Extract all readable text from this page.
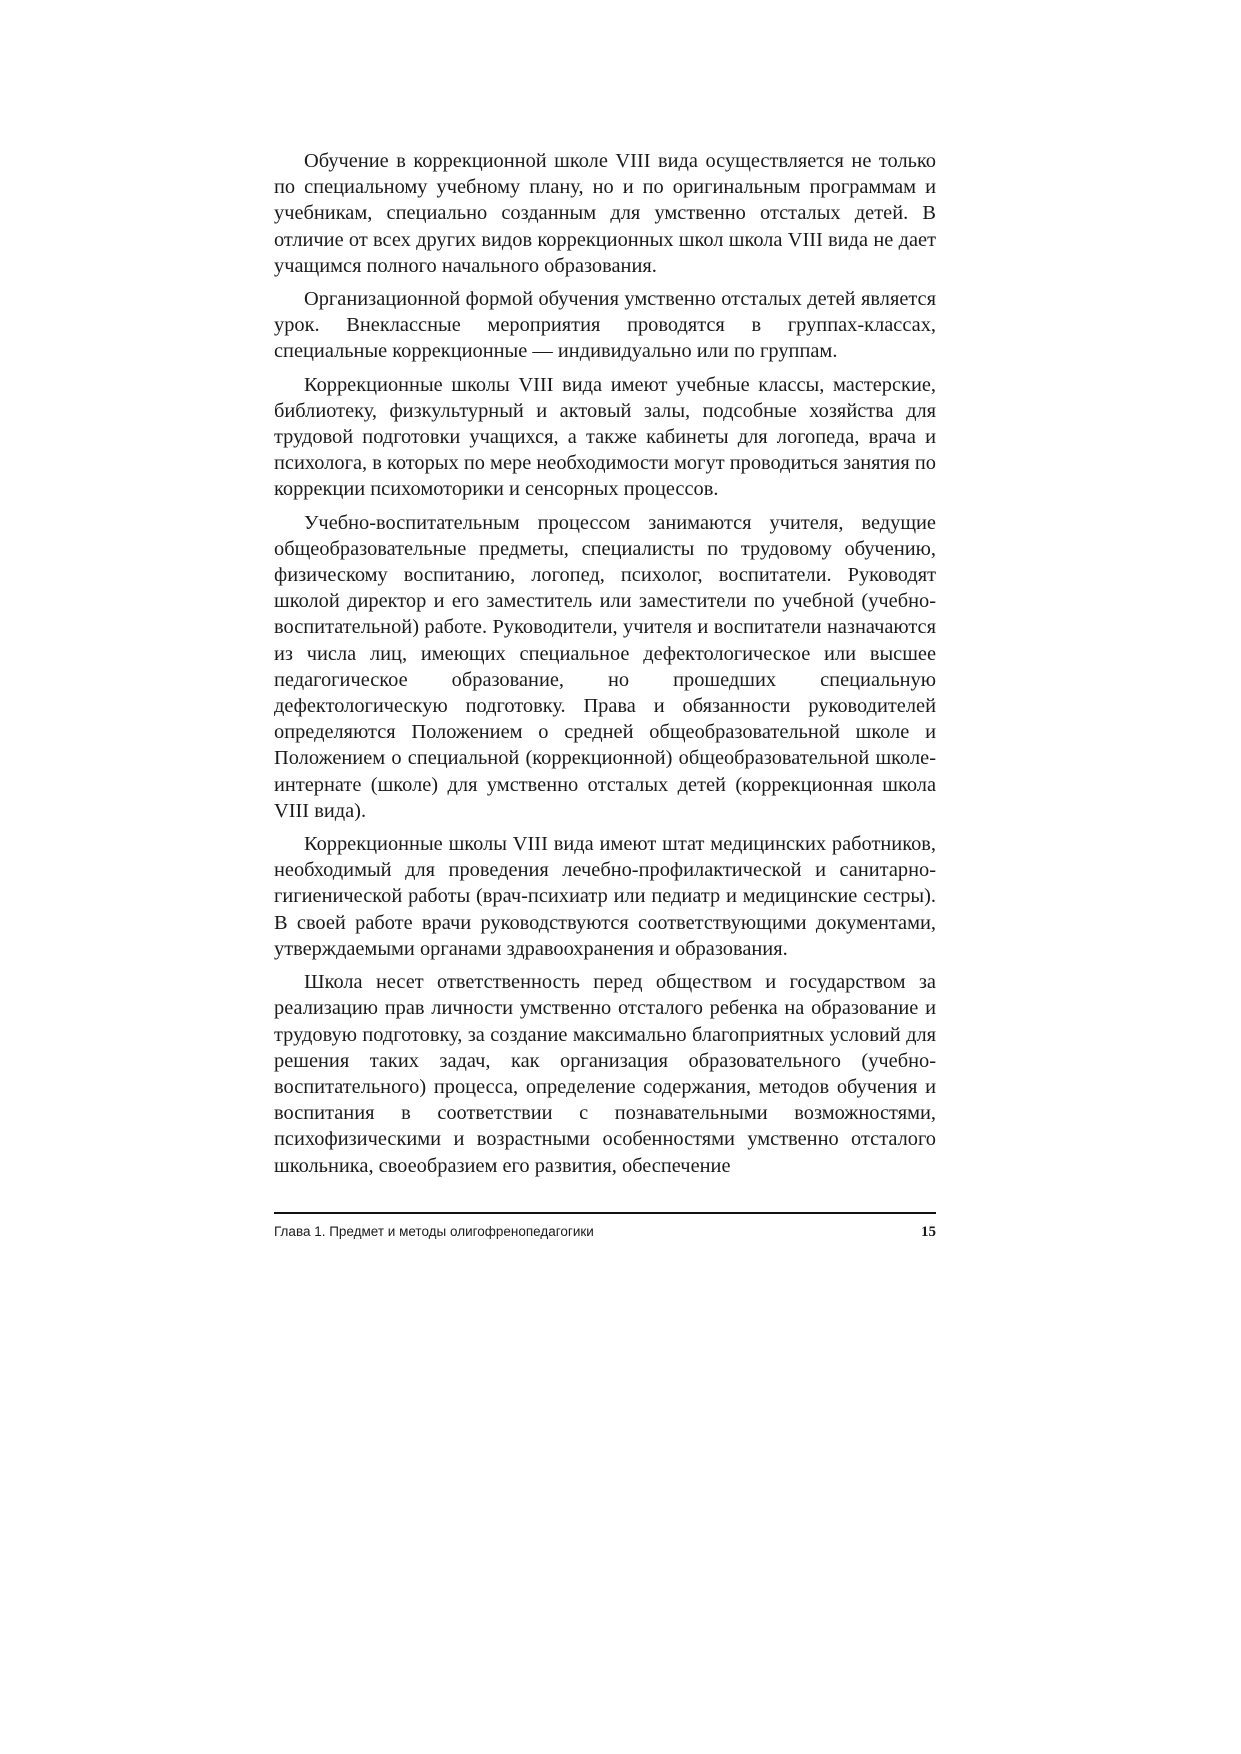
Обучение в коррекционной школе VIII вида осуществляется не только по специальному учебному плану, но и по оригинальным программам и учебникам, специально созданным для умственно отсталых детей. В отличие от всех других видов коррекционных школ школа VIII вида не дает учащимся полного начального образования.

Организационной формой обучения умственно отсталых детей является урок. Внеклассные мероприятия проводятся в группах-классах, специальные коррекционные — индивидуально или по группам.

Коррекционные школы VIII вида имеют учебные классы, мастерские, библиотеку, физкультурный и актовый залы, подсобные хозяйства для трудовой подготовки учащихся, а также кабинеты для логопеда, врача и психолога, в которых по мере необходимости могут проводиться занятия по коррекции психомоторики и сенсорных процессов.

Учебно-воспитательным процессом занимаются учителя, ведущие общеобразовательные предметы, специалисты по трудовому обучению, физическому воспитанию, логопед, психолог, воспитатели. Руководят школой директор и его заместитель или заместители по учебной (учебно-воспитательной) работе. Руководители, учителя и воспитатели назначаются из числа лиц, имеющих специальное дефектологическое или высшее педагогическое образование, но прошедших специальную дефектологическую подготовку. Права и обязанности руководителей определяются Положением о средней общеобразовательной школе и Положением о специальной (коррекционной) общеобразовательной школе-интернате (школе) для умственно отсталых детей (коррекционная школа VIII вида).

Коррекционные школы VIII вида имеют штат медицинских работников, необходимый для проведения лечебно-профилактической и санитарно-гигиенической работы (врач-психиатр или педиатр и медицинские сестры). В своей работе врачи руководствуются соответствующими документами, утверждаемыми органами здравоохранения и образования.

Школа несет ответственность перед обществом и государством за реализацию прав личности умственно отсталого ребенка на образование и трудовую подготовку, за создание максимально благоприятных условий для решения таких задач, как организация образовательного (учебно-воспитательного) процесса, определение содержания, методов обучения и воспитания в соответствии с познавательными возможностями, психофизическими и возрастными особенностями умственно отсталого школьника, своеобразием его развития, обеспечение

Глава 1. Предмет и методы олигофренопедагогики	15
